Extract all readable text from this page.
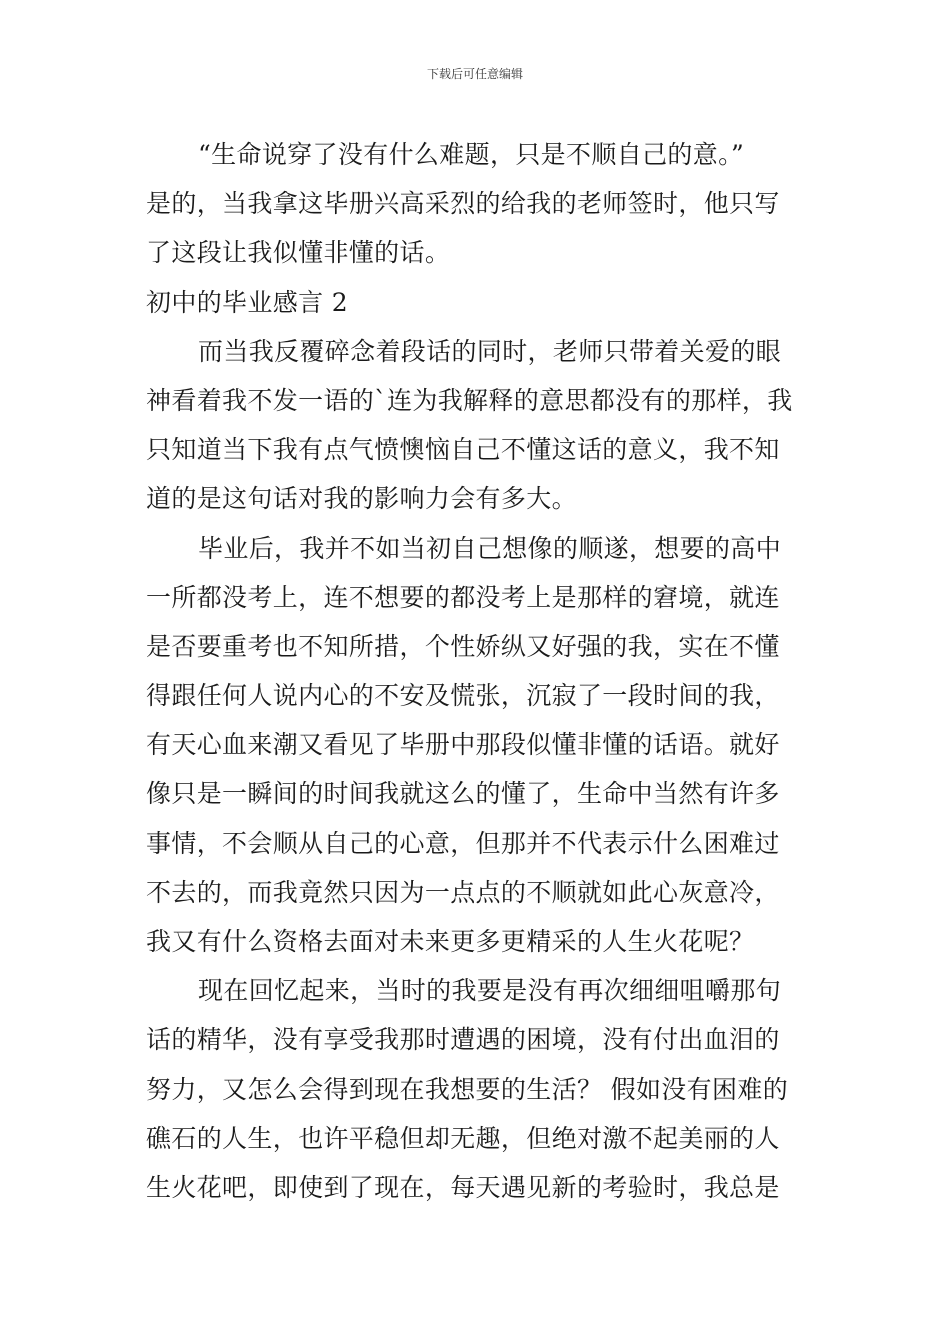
下载后可任意编辑
“生命说穿了没有什么难题，只是不顺自己的意。”
是的，当我拿这毕册兴高采烈的给我的老师签时，他只写
了这段让我似懂非懂的话。
初中的毕业感言 2
而当我反覆碎念着段话的同时，老师只带着关爱的眼
神看着我不发一语的`连为我解释的意思都没有的那样，我
只知道当下我有点气愤懊恼自己不懂这话的意义，我不知
道的是这句话对我的影响力会有多大。
毕业后，我并不如当初自己想像的顺遂，想要的高中
一所都没考上，连不想要的都没考上是那样的窘境，就连
是否要重考也不知所措，个性娇纵又好强的我，实在不懂
得跟任何人说内心的不安及慌张，沉寂了一段时间的我，
有天心血来潮又看见了毕册中那段似懂非懂的话语。就好
像只是一瞬间的时间我就这么的懂了，生命中当然有许多
事情，不会顺从自己的心意，但那并不代表示什么困难过
不去的，而我竟然只因为一点点的不顺就如此心灰意冷，
我又有什么资格去面对未来更多更精采的人生火花呢？
现在回忆起来，当时的我要是没有再次细细咀嚼那句
话的精华，没有享受我那时遭遇的困境，没有付出血泪的
努力，又怎么会得到现在我想要的生活？ 假如没有困难的
礁石的人生，也许平稳但却无趣，但绝对激不起美丽的人
生火花吧，即使到了现在，每天遇见新的考验时，我总是
